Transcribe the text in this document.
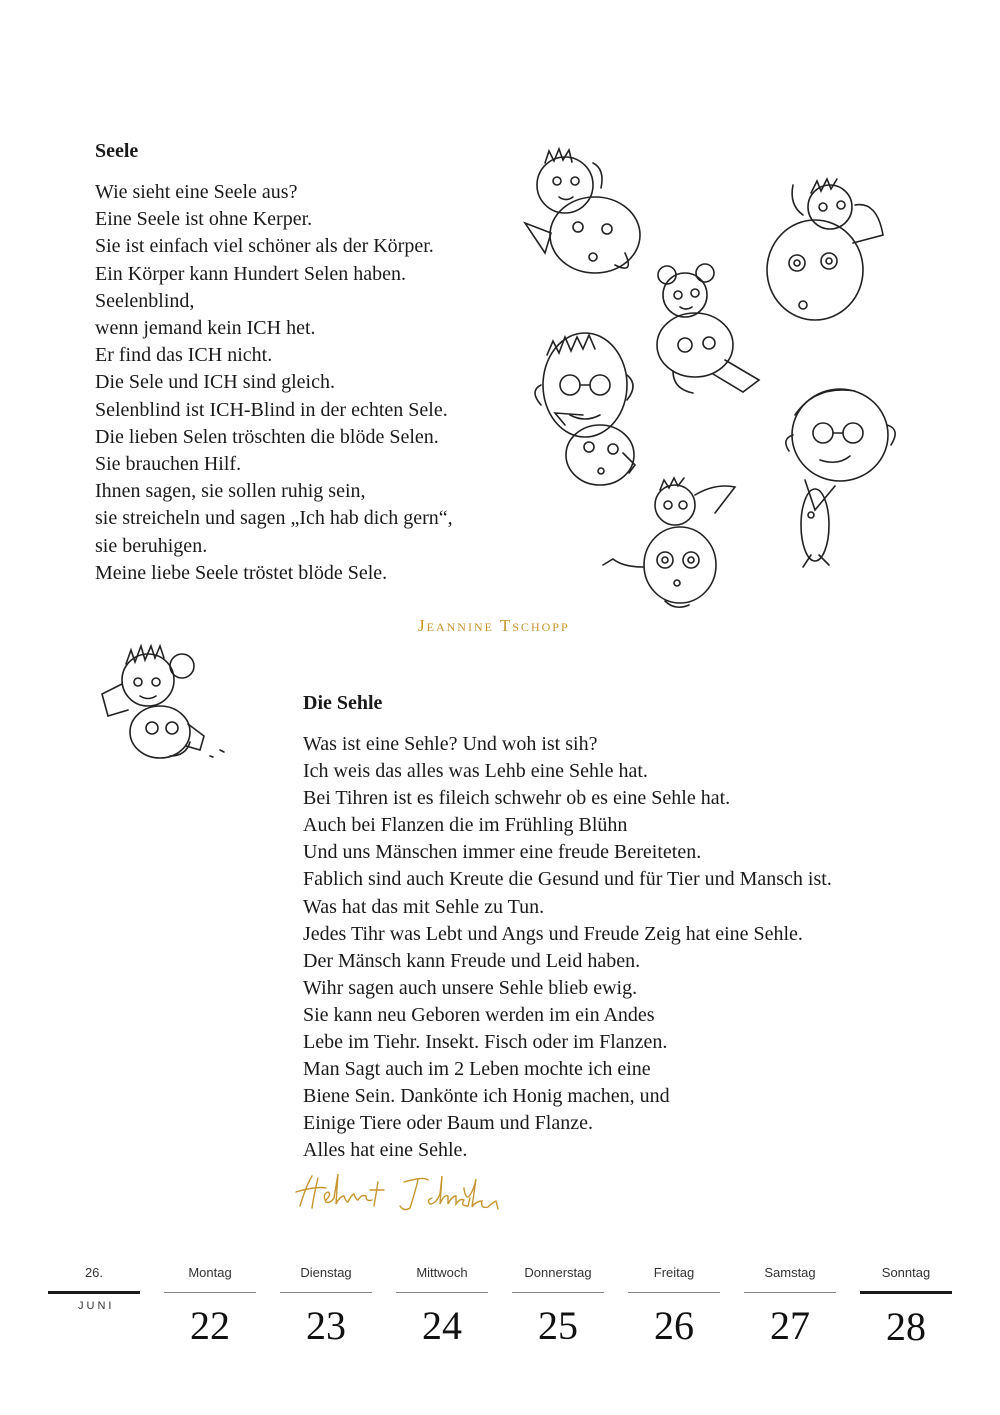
Seele
Wie sieht eine Seele aus?
Eine Seele ist ohne Kerper.
Sie ist einfach viel schöner als der Körper.
Ein Körper kann Hundert Selen haben.
Seelenblind,
wenn jemand kein ICH het.
Er find das ICH nicht.
Die Sele und ICH sind gleich.
Selenblind ist ICH-Blind in der echten Sele.
Die lieben Selen tröschten die blöde Selen.
Sie brauchen Hilf.
Ihnen sagen, sie sollen ruhig sein,
sie streicheln und sagen „Ich hab dich gern“,
sie beruhigen.
Meine liebe Seele tröstet blöde Sele.
Jeannine Tschopp
Die Sehle
Was ist eine Sehle? Und woh ist sih?
Ich weis das alles was Lehb eine Sehle hat.
Bei Tihren ist es fileich schwehr ob es eine Sehle hat.
Auch bei Flanzen die im Frühling Blühn
Und uns Mänschen immer eine freude Bereiteten.
Fablich sind auch Kreute die Gesund und für Tier und Mansch ist.
Was hat das mit Sehle zu Tun.
Jedes Tihr was Lebt und Angs und Freude Zeig hat eine Sehle.
Der Mänsch kann Freude und Leid haben.
Wihr sagen auch unsere Sehle blieb ewig.
Sie kann neu Geboren werden im ein Andes
Lebe im Tiehr. Insekt. Fisch oder im Flanzen.
Man Sagt auch im 2 Leben mochte ich eine
Biene Sein. Dankönte ich Honig machen, und
Einige Tiere oder Baum und Flanze.
Alles hat eine Sehle.
26.
JUNI
Montag
22
Dienstag
23
Mittwoch
24
Donnerstag
25
Freitag
26
Samstag
27
Sonntag
28
